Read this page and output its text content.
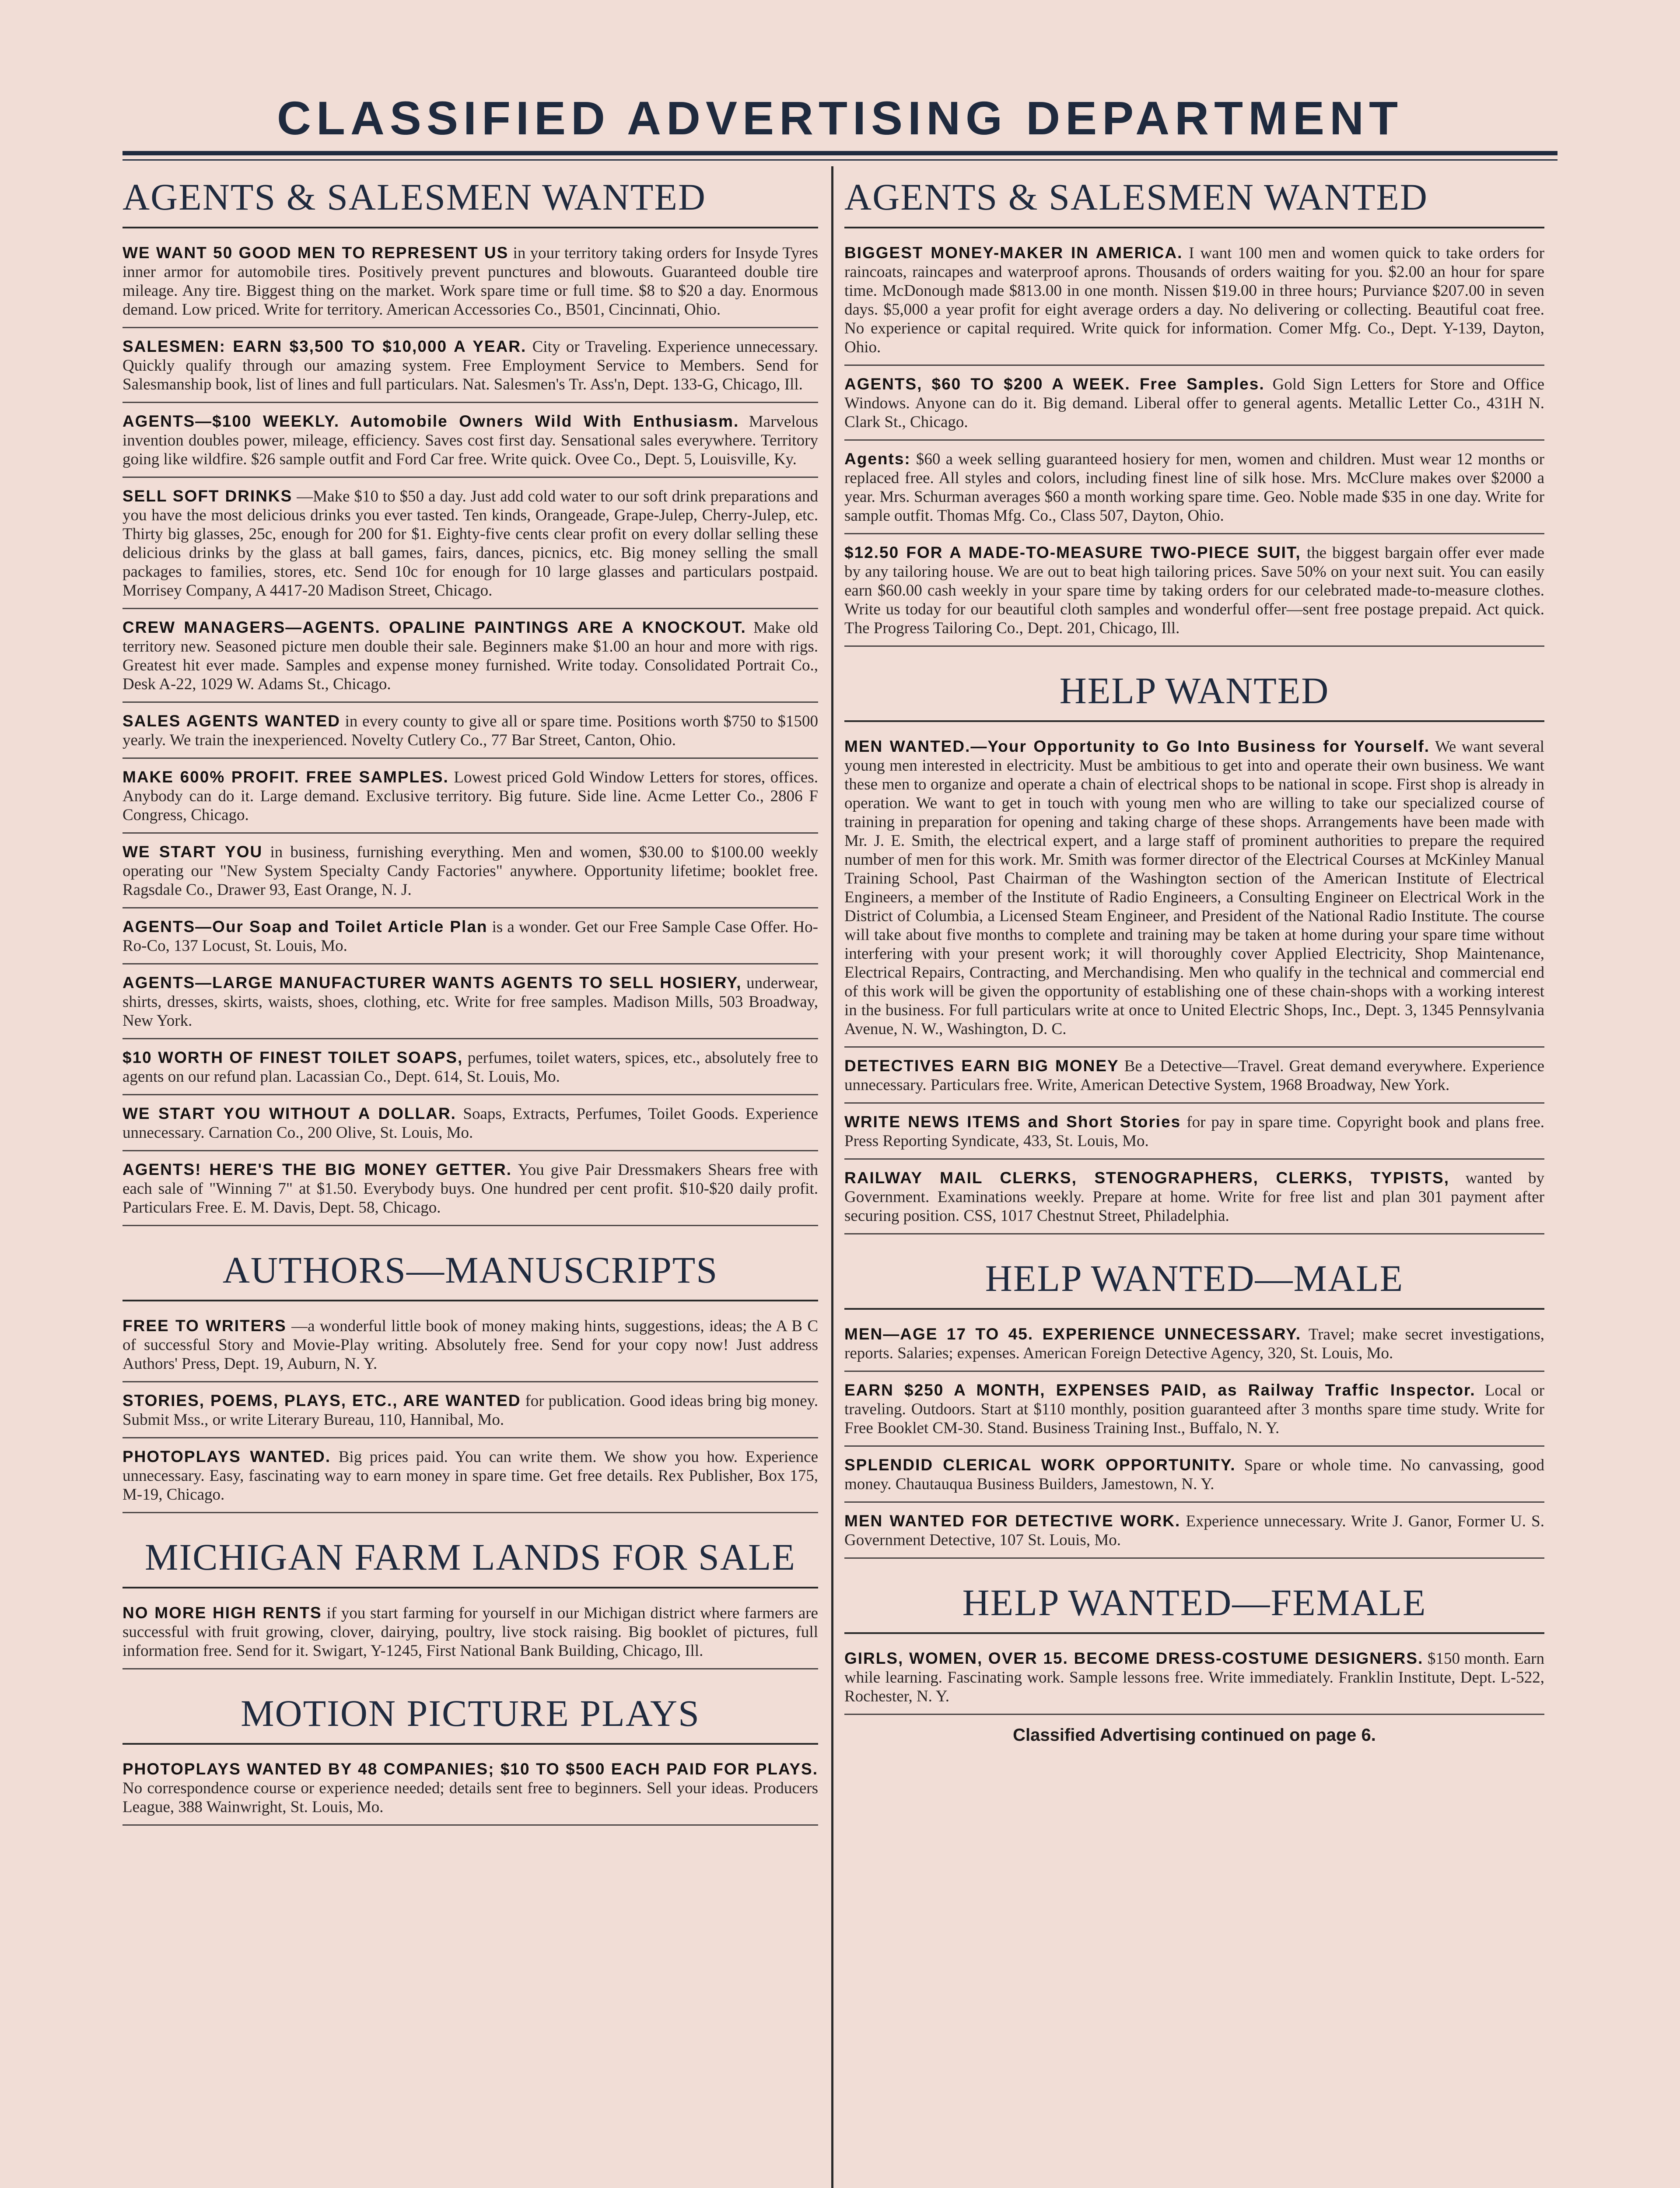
CLASSIFIED ADVERTISING DEPARTMENT
AGENTS & SALESMEN WANTED
WE WANT 50 GOOD MEN TO REPRESENT US in your territory taking orders for Insyde Tyres inner armor for automobile tires. Positively prevent punctures and blowouts. Guaranteed double tire mileage. Any tire. Biggest thing on the market. Work spare time or full time. $8 to $20 a day. Enormous demand. Low priced. Write for territory. American Accessories Co., B501, Cincinnati, Ohio.
SALESMEN: EARN $3,500 TO $10,000 A YEAR. City or Traveling. Experience unnecessary. Quickly qualify through our amazing system. Free Employment Service to Members. Send for Salesmanship book, list of lines and full particulars. Nat. Salesmen's Tr. Ass'n, Dept. 133-G, Chicago, Ill.
AGENTS—$100 WEEKLY. Automobile Owners Wild With Enthusiasm. Marvelous invention doubles power, mileage, efficiency. Saves cost first day. Sensational sales everywhere. Territory going like wildfire. $26 sample outfit and Ford Car free. Write quick. Ovee Co., Dept. 5, Louisville, Ky.
SELL SOFT DRINKS —Make $10 to $50 a day. Just add cold water to our soft drink preparations and you have the most delicious drinks you ever tasted. Ten kinds, Orangeade, Grape-Julep, Cherry-Julep, etc. Thirty big glasses, 25c, enough for 200 for $1. Eighty-five cents clear profit on every dollar selling these delicious drinks by the glass at ball games, fairs, dances, picnics, etc. Big money selling the small packages to families, stores, etc. Send 10c for enough for 10 large glasses and particulars postpaid. Morrisey Company, A 4417-20 Madison Street, Chicago.
CREW MANAGERS—AGENTS. OPALINE PAINTINGS ARE A KNOCKOUT. Make old territory new. Seasoned picture men double their sale. Beginners make $1.00 an hour and more with rigs. Greatest hit ever made. Samples and expense money furnished. Write today. Consolidated Portrait Co., Desk A-22, 1029 W. Adams St., Chicago.
SALES AGENTS WANTED in every county to give all or spare time. Positions worth $750 to $1500 yearly. We train the inexperienced. Novelty Cutlery Co., 77 Bar Street, Canton, Ohio.
MAKE 600% PROFIT. FREE SAMPLES. Lowest priced Gold Window Letters for stores, offices. Anybody can do it. Large demand. Exclusive territory. Big future. Side line. Acme Letter Co., 2806 F Congress, Chicago.
WE START YOU in business, furnishing everything. Men and women, $30.00 to $100.00 weekly operating our "New System Specialty Candy Factories" anywhere. Opportunity lifetime; booklet free. Ragsdale Co., Drawer 93, East Orange, N. J.
AGENTS—Our Soap and Toilet Article Plan is a wonder. Get our Free Sample Case Offer. Ho-Ro-Co, 137 Locust, St. Louis, Mo.
AGENTS—LARGE MANUFACTURER WANTS AGENTS TO SELL HOSIERY, underwear, shirts, dresses, skirts, waists, shoes, clothing, etc. Write for free samples. Madison Mills, 503 Broadway, New York.
$10 WORTH OF FINEST TOILET SOAPS, perfumes, toilet waters, spices, etc., absolutely free to agents on our refund plan. Lacassian Co., Dept. 614, St. Louis, Mo.
WE START YOU WITHOUT A DOLLAR. Soaps, Extracts, Perfumes, Toilet Goods. Experience unnecessary. Carnation Co., 200 Olive, St. Louis, Mo.
AGENTS! HERE'S THE BIG MONEY GETTER. You give Pair Dressmakers Shears free with each sale of "Winning 7" at $1.50. Everybody buys. One hundred per cent profit. $10-$20 daily profit. Particulars Free. E. M. Davis, Dept. 58, Chicago.
AUTHORS—MANUSCRIPTS
FREE TO WRITERS —a wonderful little book of money making hints, suggestions, ideas; the A B C of successful Story and Movie-Play writing. Absolutely free. Send for your copy now! Just address Authors' Press, Dept. 19, Auburn, N. Y.
STORIES, POEMS, PLAYS, ETC., ARE WANTED for publication. Good ideas bring big money. Submit Mss., or write Literary Bureau, 110, Hannibal, Mo.
PHOTOPLAYS WANTED. Big prices paid. You can write them. We show you how. Experience unnecessary. Easy, fascinating way to earn money in spare time. Get free details. Rex Publisher, Box 175, M-19, Chicago.
MICHIGAN FARM LANDS FOR SALE
NO MORE HIGH RENTS if you start farming for yourself in our Michigan district where farmers are successful with fruit growing, clover, dairying, poultry, live stock raising. Big booklet of pictures, full information free. Send for it. Swigart, Y-1245, First National Bank Building, Chicago, Ill.
MOTION PICTURE PLAYS
PHOTOPLAYS WANTED BY 48 COMPANIES; $10 TO $500 EACH PAID FOR PLAYS. No correspondence course or experience needed; details sent free to beginners. Sell your ideas. Producers League, 388 Wainwright, St. Louis, Mo.
AGENTS & SALESMEN WANTED
BIGGEST MONEY-MAKER IN AMERICA. I want 100 men and women quick to take orders for raincoats, raincapes and waterproof aprons. Thousands of orders waiting for you. $2.00 an hour for spare time. McDonough made $813.00 in one month. Nissen $19.00 in three hours; Purviance $207.00 in seven days. $5,000 a year profit for eight average orders a day. No delivering or collecting. Beautiful coat free. No experience or capital required. Write quick for information. Comer Mfg. Co., Dept. Y-139, Dayton, Ohio.
AGENTS, $60 TO $200 A WEEK. Free Samples. Gold Sign Letters for Store and Office Windows. Anyone can do it. Big demand. Liberal offer to general agents. Metallic Letter Co., 431H N. Clark St., Chicago.
Agents: $60 a week selling guaranteed hosiery for men, women and children. Must wear 12 months or replaced free. All styles and colors, including finest line of silk hose. Mrs. McClure makes over $2000 a year. Mrs. Schurman averages $60 a month working spare time. Geo. Noble made $35 in one day. Write for sample outfit. Thomas Mfg. Co., Class 507, Dayton, Ohio.
$12.50 FOR A MADE-TO-MEASURE TWO-PIECE SUIT, the biggest bargain offer ever made by any tailoring house. We are out to beat high tailoring prices. Save 50% on your next suit. You can easily earn $60.00 cash weekly in your spare time by taking orders for our celebrated made-to-measure clothes. Write us today for our beautiful cloth samples and wonderful offer—sent free postage prepaid. Act quick. The Progress Tailoring Co., Dept. 201, Chicago, Ill.
HELP WANTED
MEN WANTED.—Your Opportunity to Go Into Business for Yourself. We want several young men interested in electricity. Must be ambitious to get into and operate their own business. We want these men to organize and operate a chain of electrical shops to be national in scope. First shop is already in operation. We want to get in touch with young men who are willing to take our specialized course of training in preparation for opening and taking charge of these shops. Arrangements have been made with Mr. J. E. Smith, the electrical expert, and a large staff of prominent authorities to prepare the required number of men for this work. Mr. Smith was former director of the Electrical Courses at McKinley Manual Training School, Past Chairman of the Washington section of the American Institute of Electrical Engineers, a member of the Institute of Radio Engineers, a Consulting Engineer on Electrical Work in the District of Columbia, a Licensed Steam Engineer, and President of the National Radio Institute. The course will take about five months to complete and training may be taken at home during your spare time without interfering with your present work; it will thoroughly cover Applied Electricity, Shop Maintenance, Electrical Repairs, Contracting, and Merchandising. Men who qualify in the technical and commercial end of this work will be given the opportunity of establishing one of these chain-shops with a working interest in the business. For full particulars write at once to United Electric Shops, Inc., Dept. 3, 1345 Pennsylvania Avenue, N. W., Washington, D. C.
DETECTIVES EARN BIG MONEY Be a Detective—Travel. Great demand everywhere. Experience unnecessary. Particulars free. Write, American Detective System, 1968 Broadway, New York.
WRITE NEWS ITEMS and Short Stories for pay in spare time. Copyright book and plans free. Press Reporting Syndicate, 433, St. Louis, Mo.
RAILWAY MAIL CLERKS, STENOGRAPHERS, CLERKS, TYPISTS, wanted by Government. Examinations weekly. Prepare at home. Write for free list and plan 301 payment after securing position. CSS, 1017 Chestnut Street, Philadelphia.
HELP WANTED—MALE
MEN—AGE 17 TO 45. EXPERIENCE UNNECESSARY. Travel; make secret investigations, reports. Salaries; expenses. American Foreign Detective Agency, 320, St. Louis, Mo.
EARN $250 A MONTH, EXPENSES PAID, as Railway Traffic Inspector. Local or traveling. Outdoors. Start at $110 monthly, position guaranteed after 3 months spare time study. Write for Free Booklet CM-30. Stand. Business Training Inst., Buffalo, N. Y.
SPLENDID CLERICAL WORK OPPORTUNITY. Spare or whole time. No canvassing, good money. Chautauqua Business Builders, Jamestown, N. Y.
MEN WANTED FOR DETECTIVE WORK. Experience unnecessary. Write J. Ganor, Former U. S. Government Detective, 107 St. Louis, Mo.
HELP WANTED—FEMALE
GIRLS, WOMEN, OVER 15. BECOME DRESS-COSTUME DESIGNERS. $150 month. Earn while learning. Fascinating work. Sample lessons free. Write immediately. Franklin Institute, Dept. L-522, Rochester, N. Y.
Classified Advertising continued on page 6.
